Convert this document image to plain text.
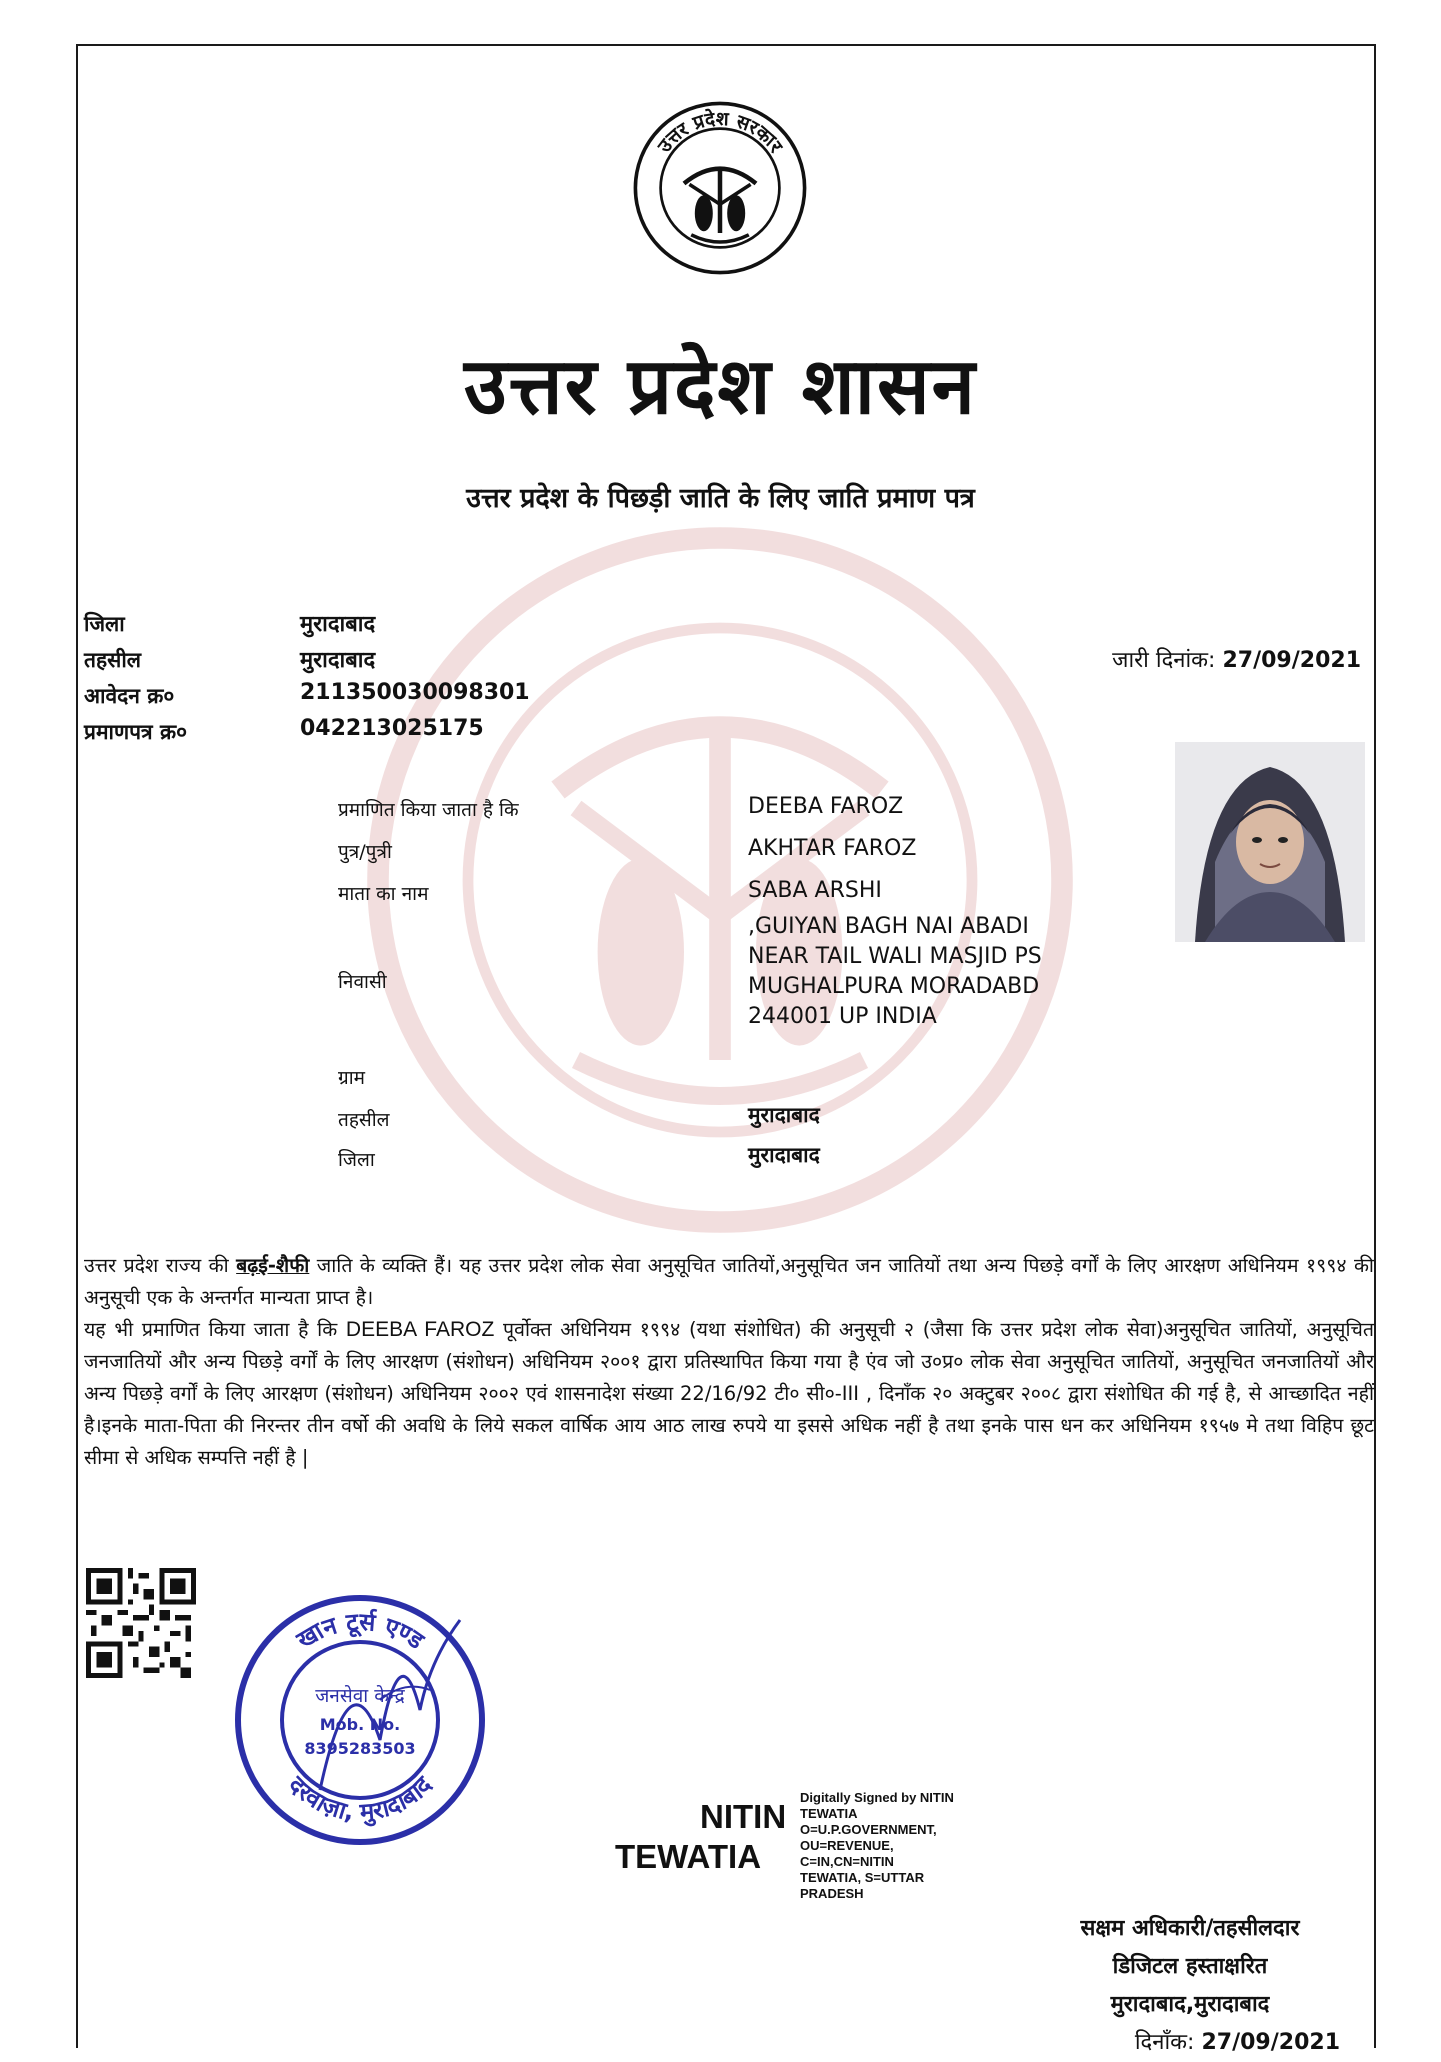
उत्तर प्रदेश सरकार
उत्तर प्रदेश शासन
उत्तर प्रदेश के पिछड़ी जाति के लिए जाति प्रमाण पत्र
जिला	मुरादाबाद
तहसील	मुरादाबाद
आवेदन क्र०	21135003009830​1
प्रमाणपत्र क्र०	042213025175
जारी दिनांक: 27/09/2021
प्रमाणित किया जाता है कि	DEEBA FAROZ
पुत्र/पुत्री	AKHTAR FAROZ
माता का नाम	SABA ARSHI
निवासी
,GUIYAN BAGH NAI ABADI
NEAR TAIL WALI MASJID PS
MUGHALPURA MORADABD
244001 UP INDIA
ग्राम
तहसील	मुरादाबाद
जिला	मुरादाबाद

उत्तर प्रदेश राज्य की बढ़ई-शैफी जाति के व्यक्ति हैं। यह उत्तर प्रदेश लोक सेवा अनुसूचित जातियों,अनुसूचित जन जातियों तथा अन्य पिछड़े वर्गों के लिए आरक्षण अधिनियम १९९४ की अनुसूची एक के अन्तर्गत मान्यता प्राप्त है।

यह भी प्रमाणित किया जाता है कि DEEBA FAROZ पूर्वोक्त अधिनियम १९९४ (यथा संशोधित) की अनुसूची २ (जैसा कि उत्तर प्रदेश लोक सेवा)अनुसूचित जातियों, अनुसूचित जनजातियों और अन्य पिछड़े वर्गों के लिए आरक्षण (संशोधन) अधिनियम २००१ द्वारा प्रतिस्थापित किया गया है एंव जो उ०प्र० लोक सेवा अनुसूचित जातियों, अनुसूचित जनजातियों और अन्य पिछड़े वर्गों के लिए आरक्षण (संशोधन) अधिनियम २००२ एवं शासनादेश संख्या 22/16/92 टी० सी०-III , दिनाँक २० अक्टुबर २००८ द्वारा संशोधित की गई है, से आच्छादित नहीं है।इनके माता-पिता की निरन्तर तीन वर्षो की अवधि के लिये सकल वार्षिक आय आठ लाख रुपये या इससे अधिक नहीं है तथा इनके पास धन कर अधिनियम १९५७ मे तथा विहिप छूट सीमा से अधिक सम्पत्ति नहीं है |

खान टूर्स एण्ड
दरवाज़ा, मुरादाबाद
जनसेवा केन्द्र
Mob. No.
8395283503
NITIN
TEWATIA
Digitally Signed by NITIN
TEWATIA
O=U.P.GOVERNMENT,
OU=REVENUE,
C=IN,CN=NITIN
TEWATIA, S=UTTAR
PRADESH
सक्षम अधिकारी/तहसीलदार
डिजिटल हस्ताक्षरित
मुरादाबाद,मुरादाबाद
दिनाँक: 27/09/2021
